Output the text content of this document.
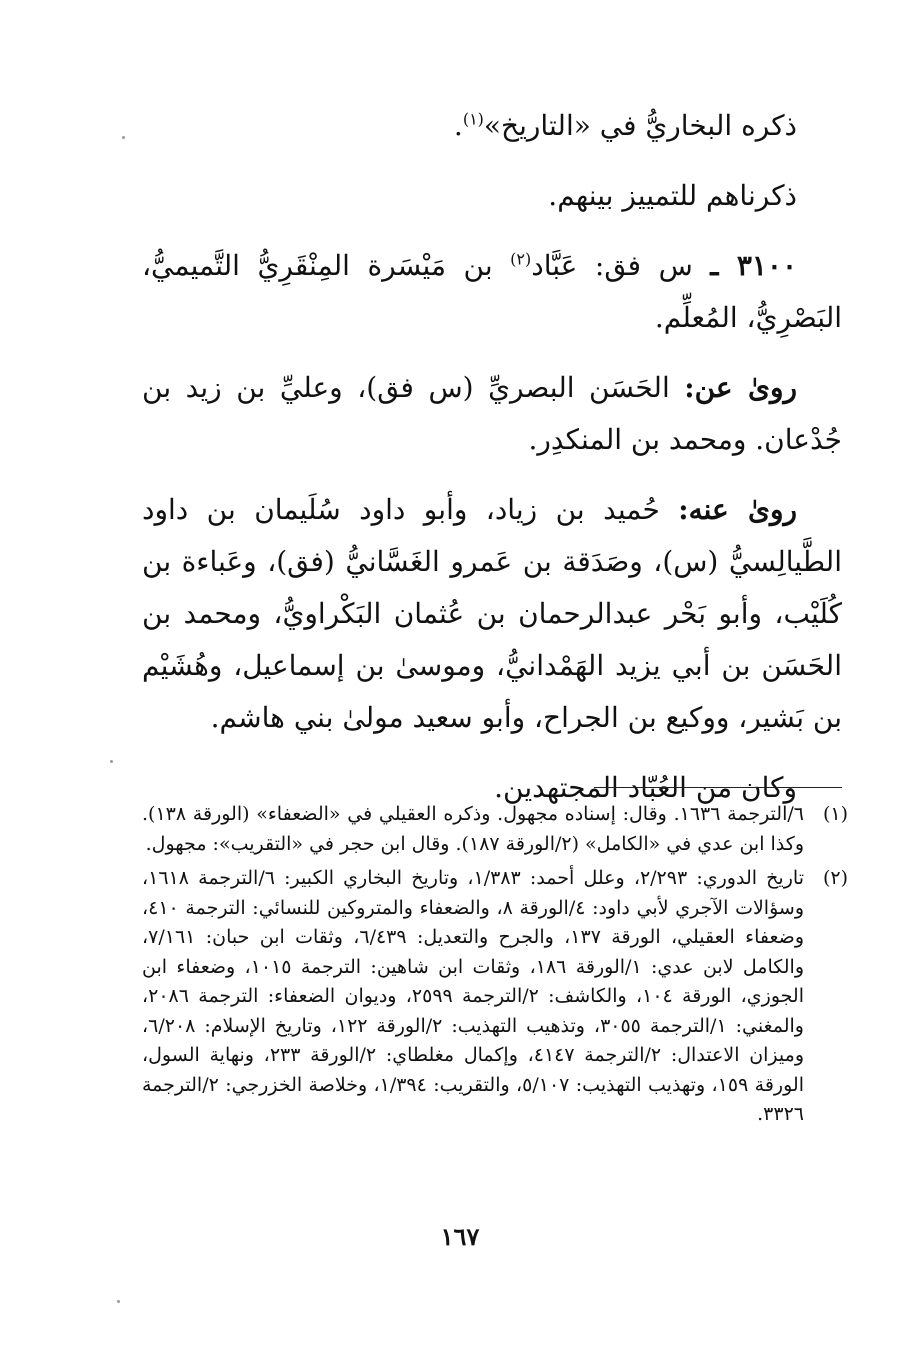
ذكره البخاريُّ في «التاريخ»$^{(١)}$.

ذكرناهم للتمييز بينهم.

٣١٠٠ ـ س فق: عَبَّاد$^{(٢)}$ بن مَيْسَرة المِنْقَرِيُّ التَّميميُّ، البَصْرِيُّ، المُعلِّم.

روىٰ عن: الحَسَن البصريِّ (س فق)، وعليِّ بن زيد بن جُدْعان. ومحمد بن المنكدِر.

روىٰ عنه: حُميد بن زياد، وأبو داود سُلَيمان بن داود الطَّيالِسيُّ (س)، وصَدَقة بن عَمرو الغَسَّانيُّ (فق)، وعَباءة بن كُلَيْب، وأبو بَحْر عبدالرحمان بن عُثمان البَكْراويُّ، ومحمد بن الحَسَن بن أبي يزيد الهَمْدانيُّ، وموسىٰ بن إسماعيل، وهُشَيْم بن بَشير، ووكيع بن الجراح، وأبو سعيد مولىٰ بني هاشم.

وكان من العُبّاد المجتهدين.

(١)
٦/الترجمة ١٦٣٦. وقال: إسناده مجهول. وذكره العقيلي في «الضعفاء» (الورقة ١٣٨). وكذا ابن عدي في «الكامل» (٢/الورقة ١٨٧). وقال ابن حجر في «التقريب»: مجهول.
(٢)
تاريخ الدوري: ٢/٢٩٣، وعلل أحمد: ١/٣٨٣، وتاريخ البخاري الكبير: ٦/الترجمة ١٦١٨، وسؤالات الآجري لأبي داود: ٤/الورقة ٨، والضعفاء والمتروكين للنسائي: الترجمة ٤١٠، وضعفاء العقيلي، الورقة ١٣٧، والجرح والتعديل: ٦/٤٣٩، وثقات ابن حبان: ٧/١٦١، والكامل لابن عدي: ١/الورقة ١٨٦، وثقات ابن شاهين: الترجمة ١٠١٥، وضعفاء ابن الجوزي، الورقة ١٠٤، والكاشف: ٢/الترجمة ٢٥٩٩، وديوان الضعفاء: الترجمة ٢٠٨٦، والمغني: ١/الترجمة ٣٠٥٥، وتذهيب التهذيب: ٢/الورقة ١٢٢، وتاريخ الإسلام: ٦/٢٠٨، وميزان الاعتدال: ٢/الترجمة ٤١٤٧، وإكمال مغلطاي: ٢/الورقة ٢٣٣، ونهاية السول، الورقة ١٥٩، وتهذيب التهذيب: ٥/١٠٧، والتقريب: ١/٣٩٤، وخلاصة الخزرجي: ٢/الترجمة ٣٣٢٦.
١٦٧
